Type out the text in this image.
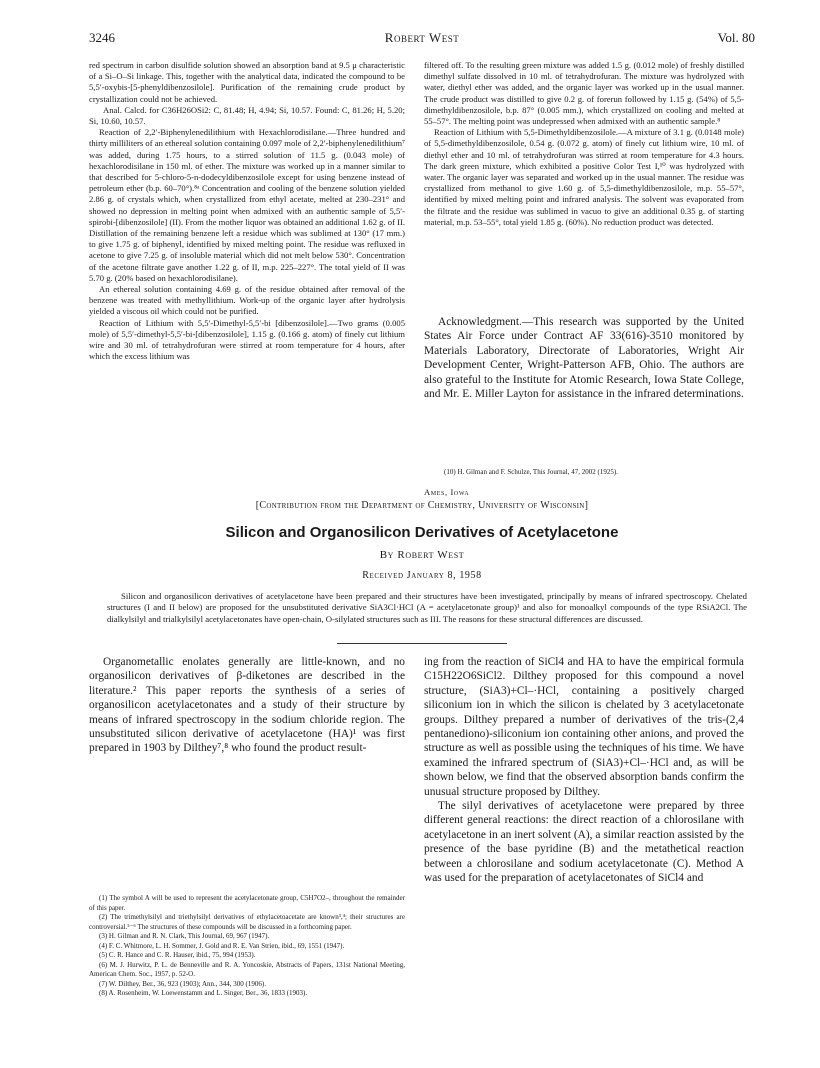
3246	Robert West	Vol. 80

red spectrum in carbon disulfide solution showed an absorption band at 9.5 μ characteristic of a Si–O–Si linkage. This, together with the analytical data, indicated the compound to be 5,5′-oxybis-[5-phenyldibenzosilole]. Purification of the remaining crude product by crystallization could not be achieved.

Anal. Calcd. for C36H26OSi2: C, 81.48; H, 4.94; Si, 10.57. Found: C, 81.26; H, 5.20; Si, 10.60, 10.57.

Reaction of 2,2′-Biphenylenedilithium with Hexachlorodisilane.—Three hundred and thirty milliliters of an ethereal solution containing 0.097 mole of 2,2′-biphenylenedilithium⁷ was added, during 1.75 hours, to a stirred solution of 11.5 g. (0.043 mole) of hexachlorodisilane in 150 ml. of ether. The mixture was worked up in a manner similar to that described for 5-chloro-5-n-dodecyldibenzosilole except for using benzene instead of petroleum ether (b.p. 60–70°).⁸ᵃ Concentration and cooling of the benzene solution yielded 2.86 g. of crystals which, when crystallized from ethyl acetate, melted at 230–231° and showed no depression in melting point when admixed with an authentic sample of 5,5′-spirobi-[dibenzosilole] (II). From the mother liquor was obtained an additional 1.62 g. of II. Distillation of the remaining benzene left a residue which was sublimed at 130° (17 mm.) to give 1.75 g. of biphenyl, identified by mixed melting point. The residue was refluxed in acetone to give 7.25 g. of insoluble material which did not melt below 530°. Concentration of the acetone filtrate gave another 1.22 g. of II, m.p. 225–227°. The total yield of II was 5.70 g. (20% based on hexachlorodisilane).

An ethereal solution containing 4.69 g. of the residue obtained after removal of the benzene was treated with methyllithium. Work-up of the organic layer after hydrolysis yielded a viscous oil which could not be purified.

Reaction of Lithium with 5,5′-Dimethyl-5,5′-bi [dibenzosilole].—Two grams (0.005 mole) of 5,5′-dimethyl-5,5′-bi-[dibenzosilole], 1.15 g. (0.166 g. atom) of finely cut lithium wire and 30 ml. of tetrahydrofuran were stirred at room temperature for 4 hours, after which the excess lithium was

filtered off. To the resulting green mixture was added 1.5 g. (0.012 mole) of freshly distilled dimethyl sulfate dissolved in 10 ml. of tetrahydrofuran. The mixture was hydrolyzed with water, diethyl ether was added, and the organic layer was worked up in the usual manner. The crude product was distilled to give 0.2 g. of forerun followed by 1.15 g. (54%) of 5,5-dimethyldibenzosilole, b.p. 87° (0.005 mm.), which crystallized on cooling and melted at 55–57°. The melting point was undepressed when admixed with an authentic sample.⁸

Reaction of Lithium with 5,5-Dimethyldibenzosilole.—A mixture of 3.1 g. (0.0148 mole) of 5,5-dimethyldibenzosilole, 0.54 g. (0.072 g. atom) of finely cut lithium wire, 10 ml. of diethyl ether and 10 ml. of tetrahydrofuran was stirred at room temperature for 4.3 hours. The dark green mixture, which exhibited a positive Color Test I,¹⁰ was hydrolyzed with water. The organic layer was separated and worked up in the usual manner. The residue was crystallized from methanol to give 1.60 g. of 5,5-dimethyldibenzosilole, m.p. 55–57°, identified by mixed melting point and infrared analysis. The solvent was evaporated from the filtrate and the residue was sublimed in vacuo to give an additional 0.35 g. of starting material, m.p. 53–55°, total yield 1.85 g. (60%). No reduction product was detected.

Acknowledgment.—This research was supported by the United States Air Force under Contract AF 33(616)-3510 monitored by Materials Laboratory, Directorate of Laboratories, Wright Air Development Center, Wright-Patterson AFB, Ohio. The authors are also grateful to the Institute for Atomic Research, Iowa State College, and Mr. E. Miller Layton for assistance in the infrared determinations.

(10) H. Gilman and F. Schulze, This Journal, 47, 2002 (1925).

Ames, Iowa
[Contribution from the Department of Chemistry, University of Wisconsin]
Silicon and Organosilicon Derivatives of Acetylacetone
By Robert West
Received January 8, 1958

Silicon and organosilicon derivatives of acetylacetone have been prepared and their structures have been investigated, principally by means of infrared spectroscopy. Chelated structures (I and II below) are proposed for the unsubstituted derivative SiA3Cl·HCl (A = acetylacetonate group)¹ and also for monoalkyl compounds of the type RSiA2Cl. The dialkylsilyl and trialkylsilyl acetylacetonates have open-chain, O-silylated structures such as III. The reasons for these structural differences are discussed.

Organometallic enolates generally are little-known, and no organosilicon derivatives of β-diketones are described in the literature.² This paper reports the synthesis of a series of organosilicon acetylacetonates and a study of their structure by means of infrared spectroscopy in the sodium chloride region. The unsubstituted silicon derivative of acetylacetone (HA)¹ was first prepared in 1903 by Dilthey⁷,⁸ who found the product result-

(1) The symbol A will be used to represent the acetylacetonate group, C5H7O2–, throughout the remainder of this paper.

(2) The trimethylsilyl and triethylsilyl derivatives of ethylacetoacetate are known³,⁴; their structures are controversial.⁵⁻⁶ The structures of these compounds will be discussed in a forthcoming paper.

(3) H. Gilman and R. N. Clark, This Journal, 69, 967 (1947).

(4) F. C. Whitmore, L. H. Sommer, J. Gold and R. E. Van Strien, ibid., 69, 1551 (1947).

(5) C. R. Hance and C. R. Hauser, ibid., 75, 994 (1953).

(6) M. J. Hurwitz, P. L. de Benneville and R. A. Yoncoskie, Abstracts of Papers, 131st National Meeting, American Chem. Soc., 1957, p. 52-O.

(7) W. Dilthey, Ber., 36, 923 (1903); Ann., 344, 300 (1906).

(8) A. Rosenheim, W. Loewenstamm and L. Singer, Ber., 36, 1833 (1903).

ing from the reaction of SiCl4 and HA to have the empirical formula C15H22O6SiCl2. Dilthey proposed for this compound a novel structure, (SiA3)+Cl–·HCl, containing a positively charged siliconium ion in which the silicon is chelated by 3 acetylacetonate groups. Dilthey prepared a number of derivatives of the tris-(2,4 pentanediono)-siliconium ion containing other anions, and proved the structure as well as possible using the techniques of his time. We have examined the infrared spectrum of (SiA3)+Cl–·HCl and, as will be shown below, we find that the observed absorption bands confirm the unusual structure proposed by Dilthey.

The silyl derivatives of acetylacetone were prepared by three different general reactions: the direct reaction of a chlorosilane with acetylacetone in an inert solvent (A), a similar reaction assisted by the presence of the base pyridine (B) and the metathetical reaction between a chlorosilane and sodium acetylacetonate (C). Method A was used for the preparation of acetylacetonates of SiCl4 and
